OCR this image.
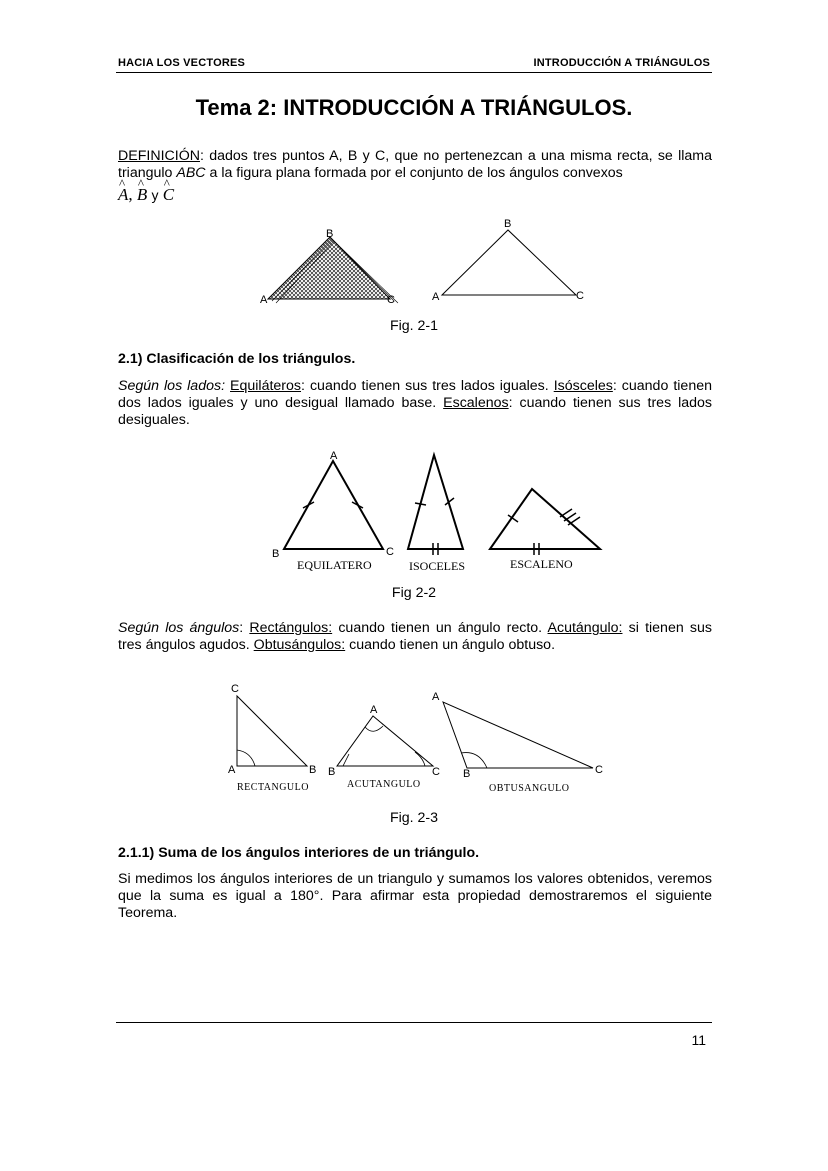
HACIA LOS VECTORES	INTRODUCCIÓN A TRIÁNGULOS
Tema 2: INTRODUCCIÓN A TRIÁNGULOS.
DEFINICIÓN: dados tres puntos A, B y C, que no pertenezcan a una misma recta, se llama triangulo ABC a la figura plana formada por el conjunto de los ángulos convexos
^ A, ^ B y ^ C
B
A	C
B
A	C
Fig. 2-1
2.1) Clasificación de los triángulos.
Según los lados: Equiláteros: cuando tienen sus tres lados iguales. Isósceles: cuando tienen dos lados iguales y uno desigual llamado base. Escalenos: cuando tienen sus tres lados desiguales.
A
B	C
EQUILATERO	ISOCELES	ESCALENO
Fig 2-2
Según los ángulos: Rectángulos: cuando tienen un ángulo recto. Acutángulo: si tienen sus tres ángulos agudos. Obtusángulos: cuando tienen un ángulo obtuso.
C
A	B
RECTANGULO
A
B	C
ACUTANGULO
A
B	C
OBTUSANGULO
Fig. 2-3
2.1.1) Suma de los ángulos interiores de un triángulo.
Si medimos los ángulos interiores de un triangulo y sumamos los valores obtenidos, veremos que la suma es igual a 180°. Para afirmar esta propiedad demostraremos el siguiente Teorema.
11
